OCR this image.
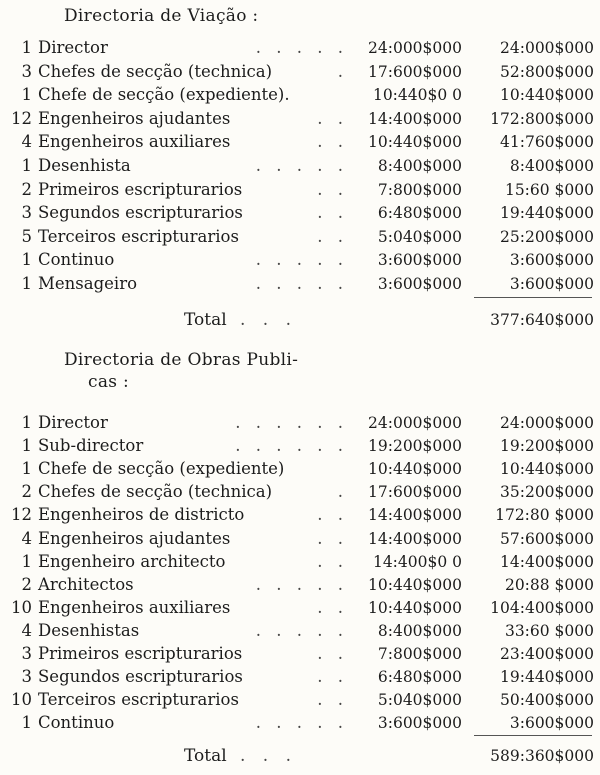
Directoria de Viação :
1 Director	. . . . . 24:000$000 24:000$000
3 Chefes de secção (technica)	. 17:600$000 52:800$000
1 Chefe de secção (expediente).	10:440$0 0 10:440$000
12 Engenheiros ajudantes	. . 14:400$000 172:800$000
4 Engenheiros auxiliares	. . 10:440$000 41:760$000
1 Desenhista	. . . . . 8:400$000	8:400$000
2 Primeiros escripturarios	. . 7:800$000	15:60 $000
3 Segundos escripturarios	. . 6:480$000 19:440$000
5 Terceiros escripturarios	. . 5:040$000 25:200$000
1 Continuo	. . . . . 3:600$000	3:600$000
1 Mensageiro	. . . . . 3:600$000	3:600$000
Total . . .	377:640$000
Directoria de Obras Publi-
cas :
1 Director	. . . . . . 24:000$000 24:000$000
1 Sub-director	. . . . . . 19:200$000 19:200$000
1 Chefe de secção (expediente)	10:440$000 10:440$000
2 Chefes de secção (technica)	. 17:600$000 35:200$000
12 Engenheiros de districto	. . 14:400$000 172:80 $000
4 Engenheiros ajudantes	. . 14:400$000 57:600$000
1 Engenheiro architecto	. . 14:400$0 0 14:400$000
2 Architectos	. . . . . 10:440$000	20:88 $000
10 Engenheiros auxiliares	. . 10:440$000 104:400$000
4 Desenhistas	. . . . . 8:400$000	33:60 $000
3 Primeiros escripturarios	. . 7:800$000 23:400$000
3 Segundos escripturarios	. . 6:480$000 19:440$000
10 Terceiros escripturarios	. . 5:040$000 50:400$000
1 Continuo	. . . . . 3:600$000	3:600$000
Total . . .	589:360$000
